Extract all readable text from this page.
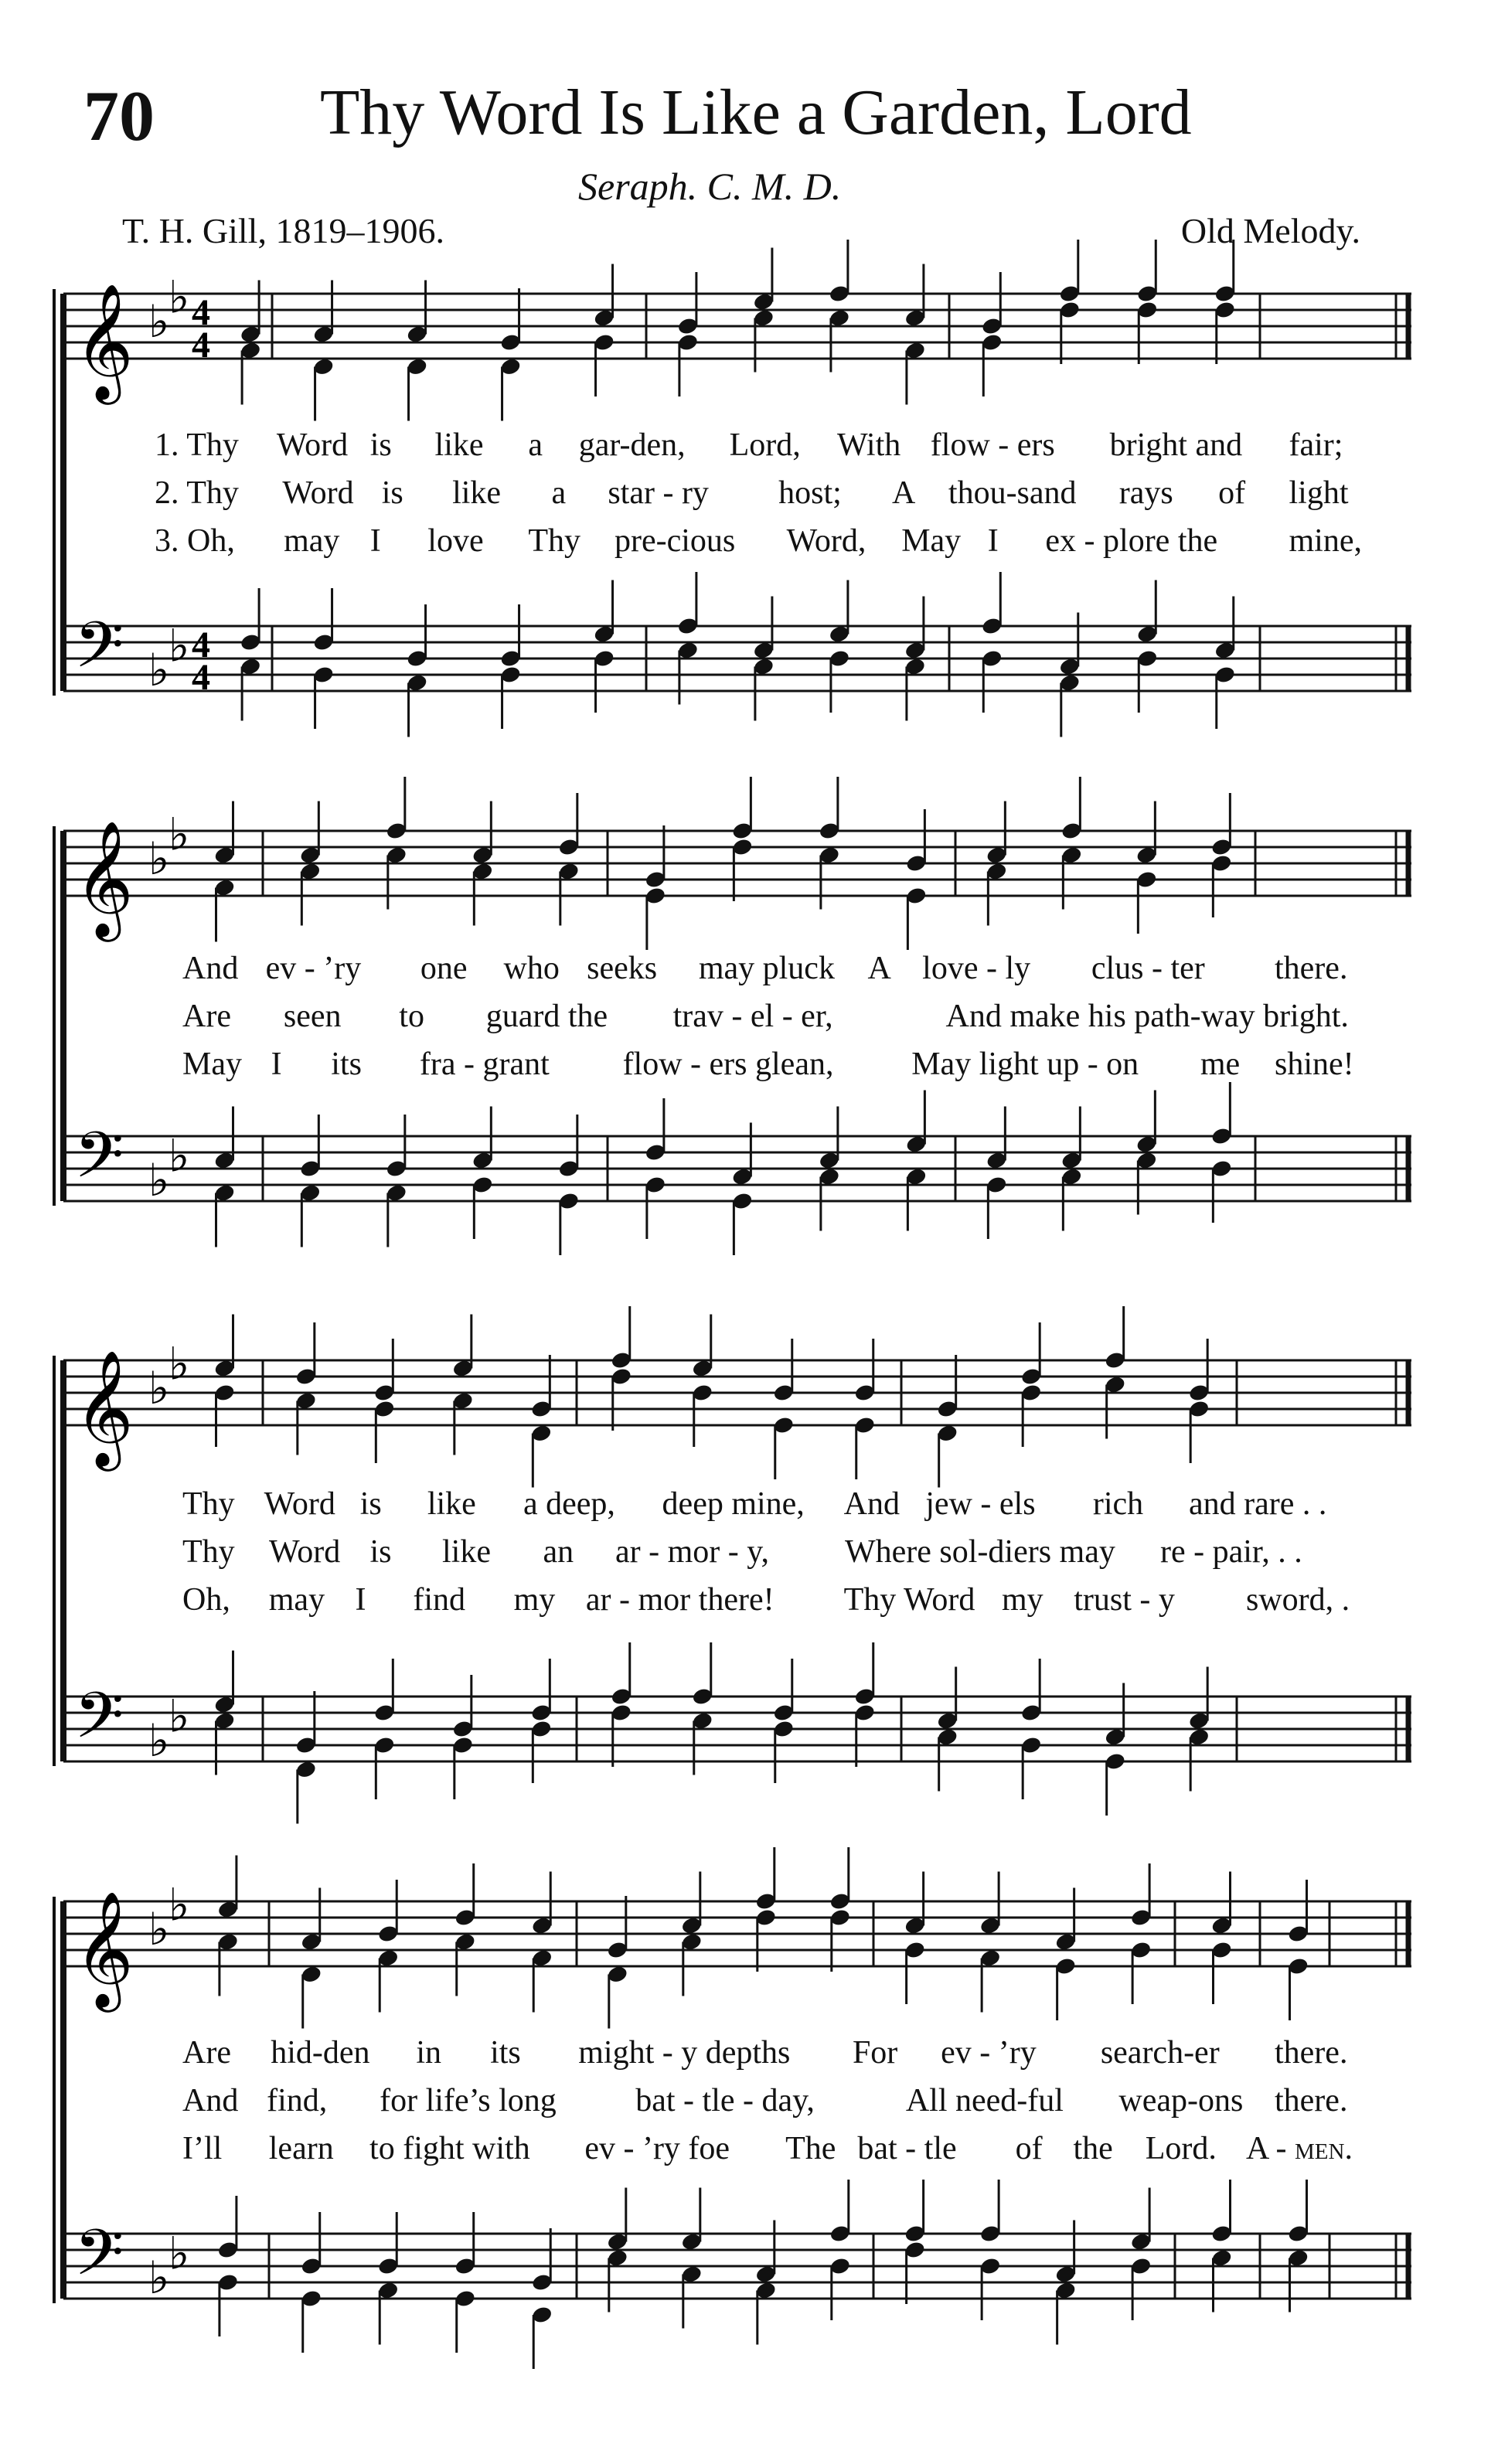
70	Thy Word Is Like a Garden, Lord
Seraph. C. M. D.
T. H. Gill, 1819–1906.	Old Melody.
𝄞
𝄢
♭
♭
♭
♭
4
4
4
4
𝄞
𝄢
♭
♭
♭
♭
𝄞
𝄢
♭
♭
♭
♭
𝄞
𝄢
♭
♭
♭
♭
1. Thy Word is like a gar-den, Lord, With flow - ers bright and fair;
2. Thy Word is like a star - ry host; A thou-sand rays of light
3. Oh, may I love Thy pre-cious Word, May I ex - plore the mine,
And ev - ’ry one who seeks may pluck A love - ly clus - ter there.
Are seen to guard the trav - el - er,	And make his path-way bright.
May I its fra - grant flow - ers glean, May light up - on me shine!
Thy Word is like a deep, deep mine, And jew - els rich and rare . .
Thy Word is like an ar - mor - y, Where sol-diers may re - pair, . .
Oh, may I find my ar - mor there! Thy Word my trust - y sword, .
Are hid-den in its might - y depths For ev - ’ry search-er there.
And find, for life’s long bat - tle - day,	All need-ful weap-ons there.
I’ll learn to fight with ev - ’ry foe The bat - tle of the Lord. A - men.
